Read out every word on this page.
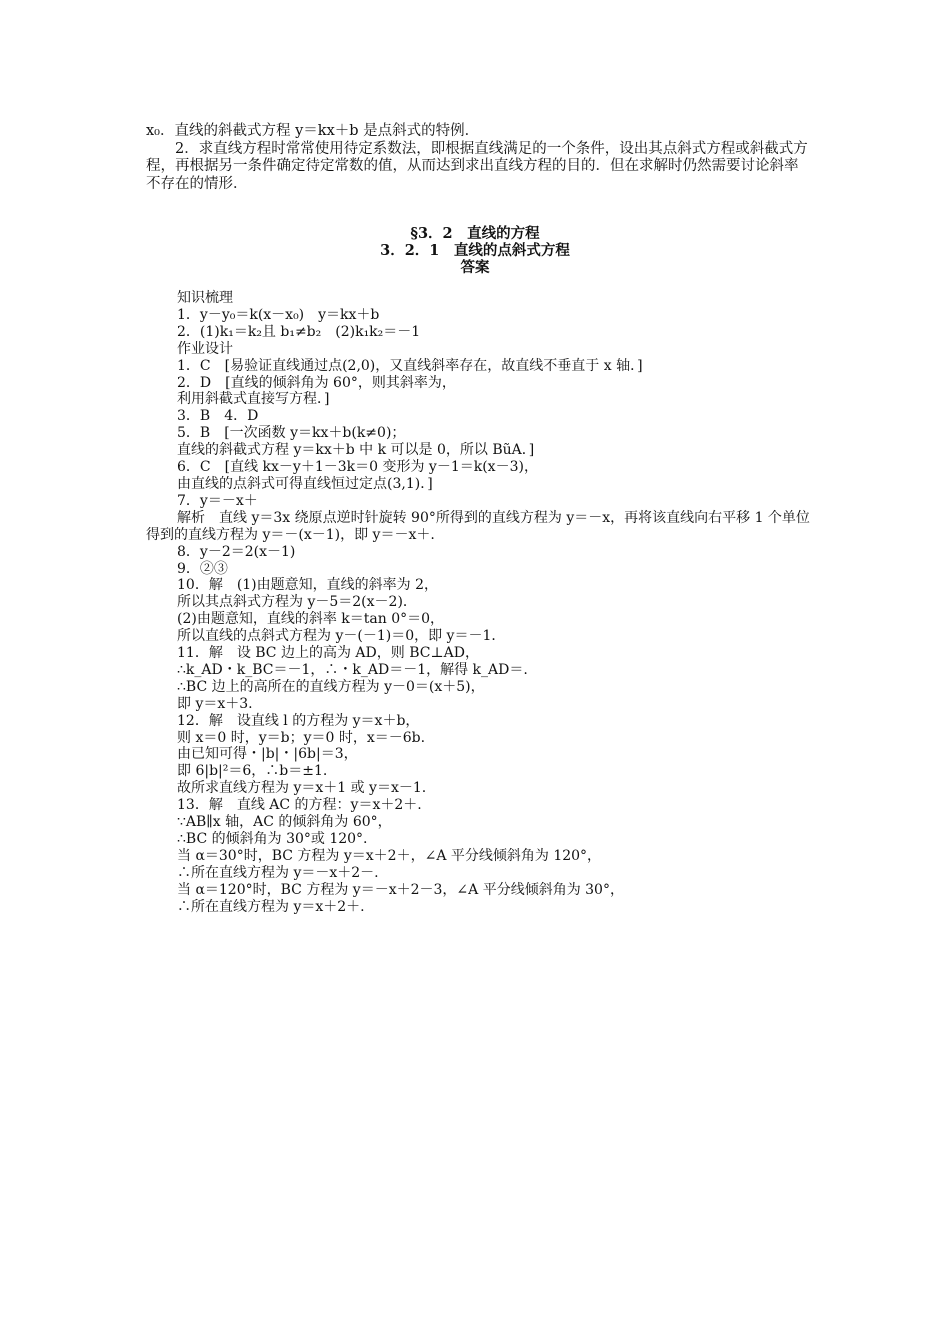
x₀．直线的斜截式方程 y＝kx＋b 是点斜式的特例．

2．求直线方程时常常使用待定系数法，即根据直线满足的一个条件，设出其点斜式方程或斜截式方程，再根据另一条件确定待定常数的值，从而达到求出直线方程的目的．但在求解时仍然需要讨论斜率不存在的情形．

§3．2　直线的方程
3．2．1　直线的点斜式方程
答案
知识梳理
1．y－y₀＝k(x－x₀)　y＝kx＋b
2．(1)k₁＝k₂且 b₁≠b₂　(2)k₁k₂＝－1
作业设计
1．C　[易验证直线通过点(2,0)，又直线斜率存在，故直线不垂直于 x 轴．]
2．D　[直线的倾斜角为 60°，则其斜率为，
利用斜截式直接写方程．]
3．B　4．D
5．B　[一次函数 y＝kx＋b(k≠0)；
直线的斜截式方程 y＝kx＋b 中 k 可以是 0，所以 BũA．]
6．C　[直线 kx－y＋1－3k＝0 变形为 y－1＝k(x－3)，
由直线的点斜式可得直线恒过定点(3,1)．]
7．y＝－x＋
解析　直线 y＝3x 绕原点逆时针旋转 90°所得到的直线方程为 y＝－x，再将该直线向右平移 1 个单位得到的直线方程为 y＝－(x－1)，即 y＝－x＋.
8．y－2＝2(x－1)
9．②③
10．解　(1)由题意知，直线的斜率为 2，
所以其点斜式方程为 y－5＝2(x－2)．
(2)由题意知，直线的斜率 k＝tan 0°＝0，
所以直线的点斜式方程为 y－(－1)＝0，即 y＝－1．
11．解　设 BC 边上的高为 AD，则 BC⊥AD，
∴k_AD・k_BC＝－1，∴・k_AD＝－1，解得 k_AD＝.
∴BC 边上的高所在的直线方程为 y－0＝(x＋5)，
即 y＝x＋3.
12．解　设直线 l 的方程为 y＝x＋b，
则 x＝0 时，y＝b；y＝0 时，x＝－6b.
由已知可得・|b|・|6b|＝3，
即 6|b|²＝6，∴b＝±1.
故所求直线方程为 y＝x＋1 或 y＝x－1.
13．解　直线 AC 的方程：y＝x＋2＋.
∵AB∥x 轴，AC 的倾斜角为 60°，
∴BC 的倾斜角为 30°或 120°.
当 α＝30°时，BC 方程为 y＝x＋2＋，∠A 平分线倾斜角为 120°，
∴所在直线方程为 y＝－x＋2－.
当 α＝120°时，BC 方程为 y＝－x＋2－3，∠A 平分线倾斜角为 30°，
∴所在直线方程为 y＝x＋2＋.
